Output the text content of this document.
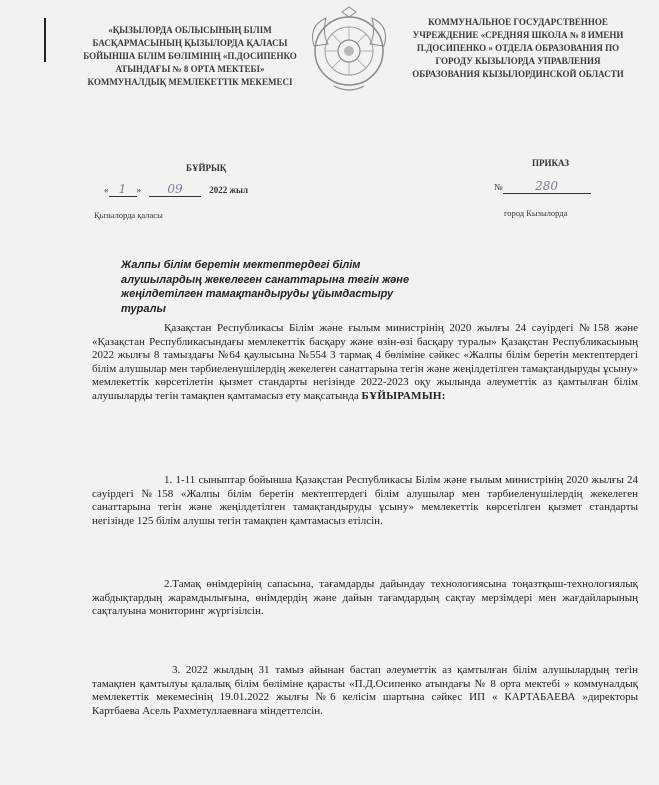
«ҚЫЗЫЛОРДА ОБЛЫСЫНЫҢ БІЛІМ БАСҚАРМАСЫНЫҢ ҚЫЗЫЛОРДА ҚАЛАСЫ БОЙЫНША БІЛІМ БӨЛІМІНІҢ «П.ДОСИПЕНКО АТЫНДАҒЫ № 8 ОРТА МЕКТЕБІ» КОММУНАЛДЫҚ МЕМЛЕКЕТТІК МЕКЕМЕСІ
КОММУНАЛЬНОЕ ГОСУДАРСТВЕННОЕ УЧРЕЖДЕНИЕ «СРЕДНЯЯ ШКОЛА № 8 ИМЕНИ П.ДОСИПЕНКО » ОТДЕЛА ОБРАЗОВАНИЯ ПО ГОРОДУ КЫЗЫЛОРДА УПРАВЛЕНИЯ ОБРАЗОВАНИЯ КЫЗЫЛОРДИНСКОЙ ОБЛАСТИ
БҰЙРЫҚ	ПРИКАЗ
« 1 » 09	2022 жыл	№	280
Қызылорда қаласы	город Кызылорда
Жалпы білім беретін мектептердегі білім алушылардың жекелеген санаттарына тегін және жеңілдетілген тамақтандыруды ұйымдастыру туралы
Қазақстан Республикасы Білім және ғылым министрінің 2020 жылғы 24 сәуірдегі №158 және «Қазақстан Республикасындағы мемлекеттік басқару және өзін-өзі басқару туралы» Қазақстан Республикасының 2022 жылғы 8 тамыздағы №64 қаулысына №554 3 тармақ 4 бөліміне сәйкес «Жалпы білім беретін мектептердегі білім алушылар мен тәрбиеленушілердің жекелеген санаттарына тегін және жеңілдетілген тамақтандыруды ұсыну» мемлекеттік көрсетілетін қызмет стандарты негізінде 2022-2023 оқу жылында әлеуметтік аз қамтылған білім алушыларды тегін тамақпен қамтамасыз ету мақсатында БҰЙЫРАМЫН:
1. 1-11 сыныптар бойынша Қазақстан Республикасы Білім және ғылым министрінің 2020 жылғы 24 сәуірдегі №158 «Жалпы білім беретін мектептердегі білім алушылар мен тәрбиеленушілердің жекелеген санаттарына тегін және жеңілдетілген тамақтандыруды ұсыну» мемлекеттік көрсетілген қызмет стандарты негізінде 125 білім алушы тегін тамақпен қамтамасыз етілсін.
2.Тамақ өнімдерінің сапасына, тағамдарды дайындау технологиясына тоңазтқыш-технологиялық жабдықтардың жарамдылығына, өнімдердің және дайын тағамдардың сақтау мерзімдері мен жағдайларының сақталуына мониторинг жүргізілсін.
3. 2022 жылдың 31 тамыз айынан бастап әлеуметтік аз қамтылған білім алушылардың тегін тамақпен қамтылуы қалалық білім бөліміне қарасты «П.Д.Осипенко атындағы № 8 орта мектебі » коммуналдық мемлекеттік мекемесінің 19.01.2022 жылғы №6 келісім шартына сәйкес ИП « КАРТАБАЕВА »директоры Картбаева Асель Рахметуллаевнаға міндеттелсін.
